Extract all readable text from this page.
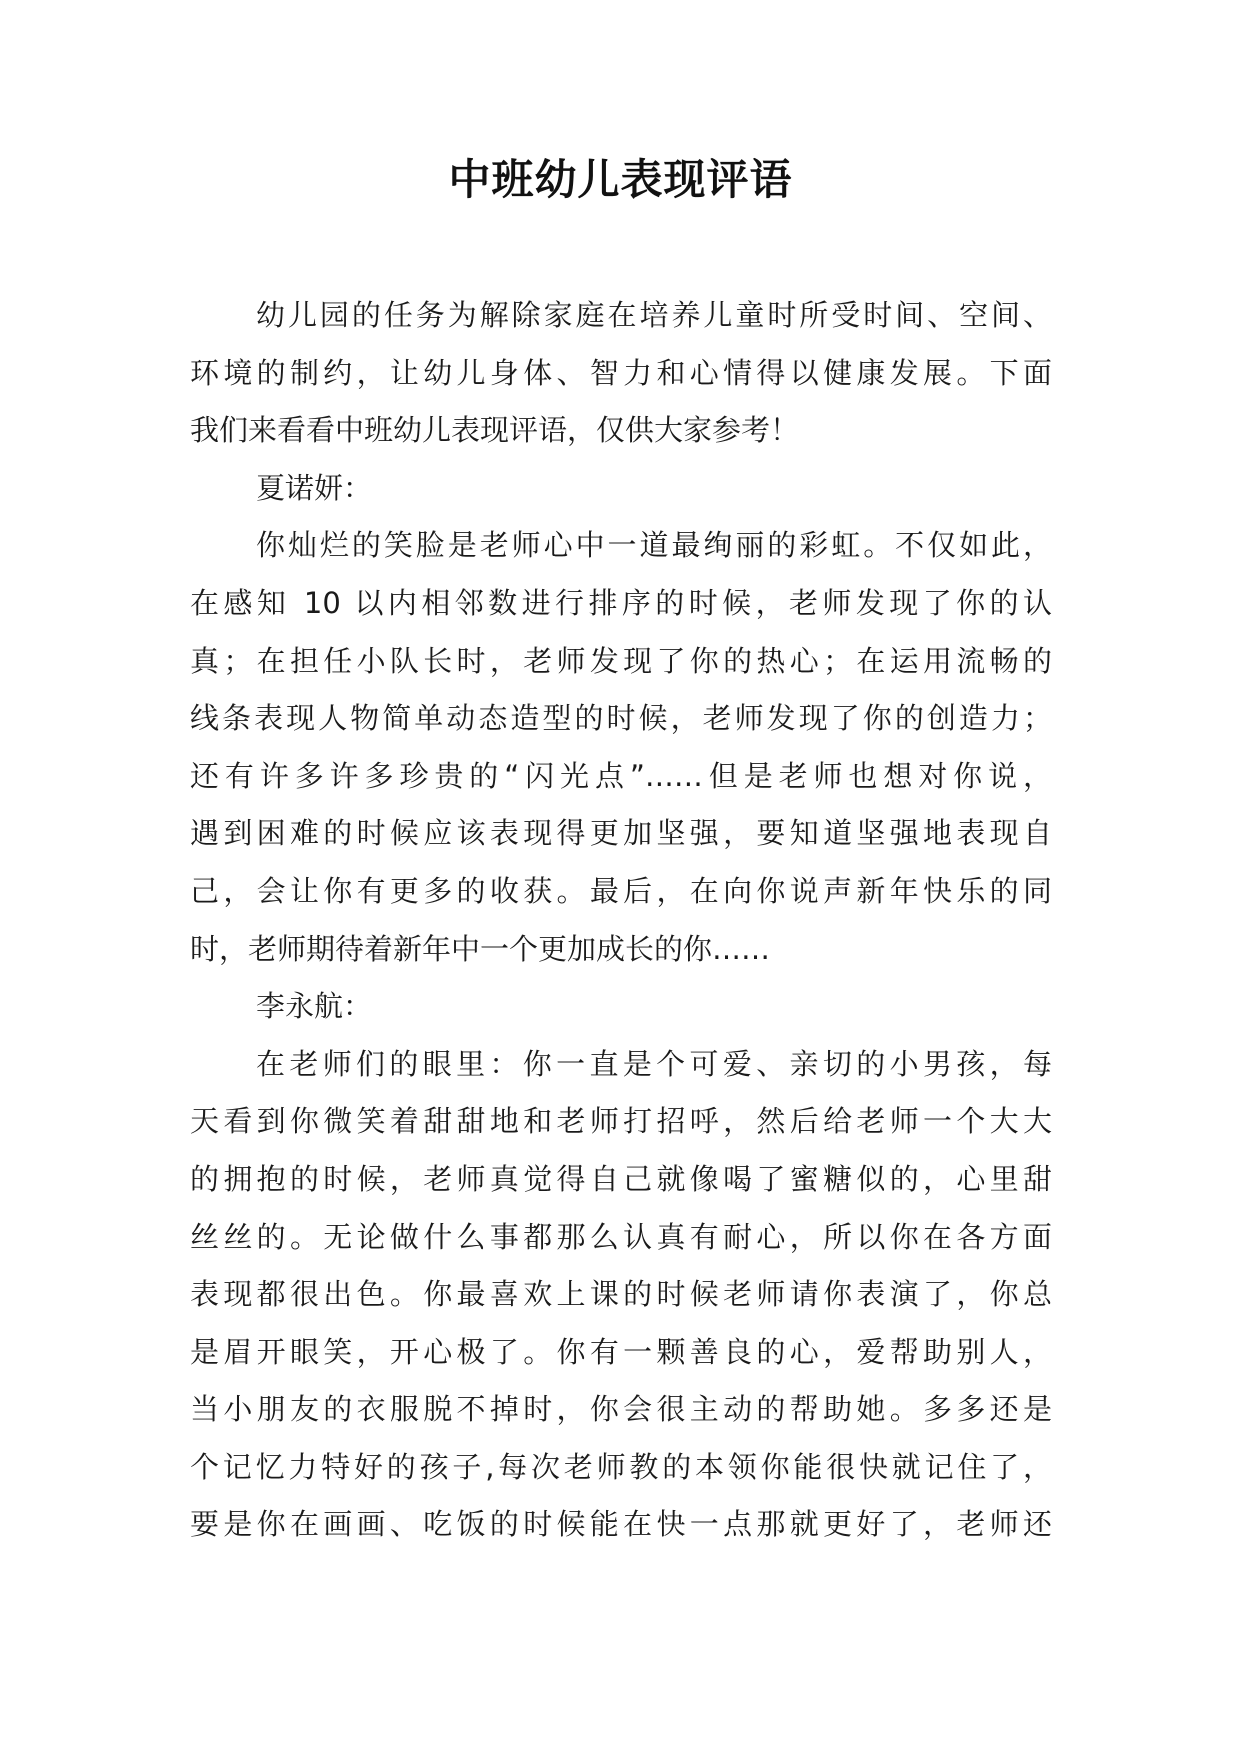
中班幼儿表现评语
幼儿园的任务为解除家庭在培养儿童时所受时间、空间、
环境的制约，让幼儿身体、智力和心情得以健康发展。下面
我们来看看中班幼儿表现评语，仅供大家参考！
夏诺妍：
你灿烂的笑脸是老师心中一道最绚丽的彩虹。不仅如此，
在感知 10 以内相邻数进行排序的时候，老师发现了你的认
真；在担任小队长时，老师发现了你的热心；在运用流畅的
线条表现人物简单动态造型的时候，老师发现了你的创造力；
还有许多许多珍贵的“闪光点”……但是老师也想对你说，
遇到困难的时候应该表现得更加坚强，要知道坚强地表现自
己，会让你有更多的收获。最后，在向你说声新年快乐的同
时，老师期待着新年中一个更加成长的你……
李永航：
在老师们的眼里：你一直是个可爱、亲切的小男孩，每
天看到你微笑着甜甜地和老师打招呼，然后给老师一个大大
的拥抱的时候，老师真觉得自己就像喝了蜜糖似的，心里甜
丝丝的。无论做什么事都那么认真有耐心，所以你在各方面
表现都很出色。你最喜欢上课的时候老师请你表演了，你总
是眉开眼笑，开心极了。你有一颗善良的心，爱帮助别人，
当小朋友的衣服脱不掉时，你会很主动的帮助她。多多还是
个记忆力特好的孩子,每次老师教的本领你能很快就记住了，
要是你在画画、吃饭的时候能在快一点那就更好了，老师还
